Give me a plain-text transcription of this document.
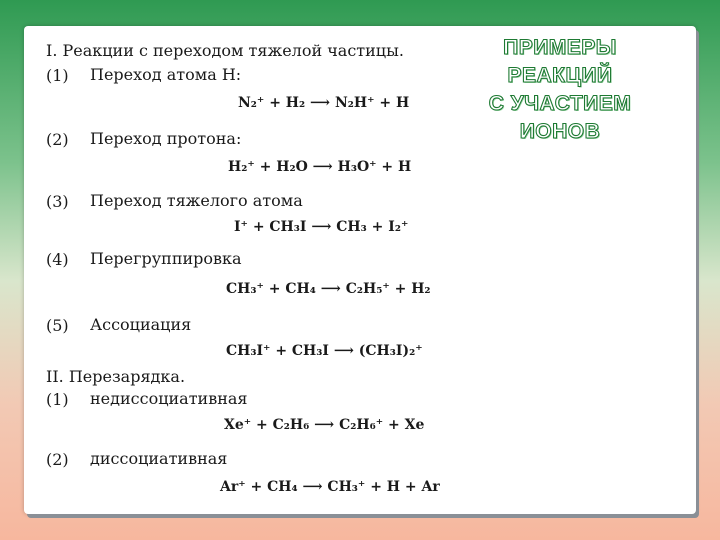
I. Реакции с переходом тяжелой частицы.
(1) Переход атома Н:
N₂⁺ + H₂ ⟶ N₂H⁺ + H
(2) Переход протона:
H₂⁺ + H₂O ⟶ H₃O⁺ + H
(3) Переход тяжелого атома
I⁺ + CH₃I ⟶ CH₃ + I₂⁺
(4) Перегруппировка
CH₃⁺ + CH₄ ⟶ C₂H₅⁺ + H₂
(5) Ассоциация
CH₃I⁺ + CH₃I ⟶ (CH₃I)₂⁺
II. Перезарядка.
(1) недиссоциативная
Xe⁺ + C₂H₆ ⟶ C₂H₆⁺ + Xe
(2) диссоциативная
Ar⁺ + CH₄ ⟶ CH₃⁺ + H + Ar
ПРИМЕРЫ
РЕАКЦИЙ
С УЧАСТИЕМ
ИОНОВ
